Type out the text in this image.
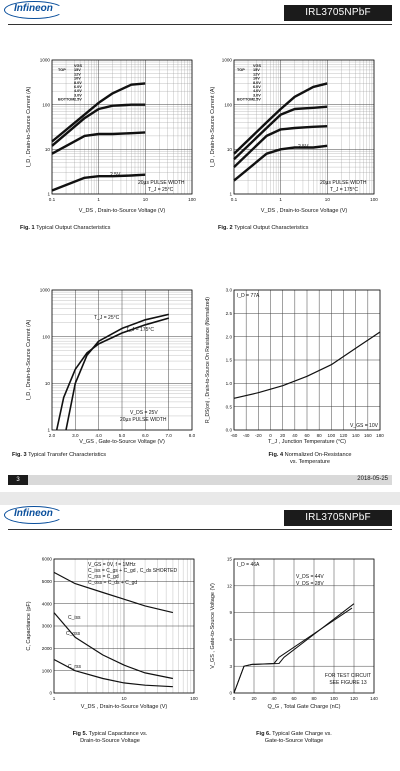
Infineon	IRL3705NPbF
0.1	1	10	100
1
10
100
1000
VGS
TOP 15V
12V
10V
8.0V
6.0V
4.0V
3.0V
BOTTOM 2.5V
20µs PULSE WIDTH
T_J = 25°C
2.5V
V_DS , Drain-to-Source Voltage (V)
I_D , Drain-to-Source Current (A)
Fig. 1 Typical Output Characteristics
0.1	1	10	100
1
10
100
1000
VGS
TOP 15V
12V
10V
8.0V
6.0V
4.0V
3.0V
BOTTOM 2.5V
20µs PULSE WIDTH
T_J = 175°C
2.5V
V_DS , Drain-to-Source Voltage (V)
I_D , Drain-to-Source Current (A)
Fig. 2 Typical Output Characteristics
2.0	3.0	4.0	5.0	6.0	7.0	8.0
1
10
100
1000
T_J = 25°C
T_J = 175°C
V_DS = 25V
20µs PULSE WIDTH
V_GS , Gate-to-Source Voltage (V)
I_D , Drain-to-Source Current (A)
Fig. 3 Typical Transfer Characteristics
-60 -40 -20 0 20 40 60 80 100 120 140 160 180
0.0
0.5
1.0
1.5
2.0
2.5
3.0
I_D = 77A
V_GS = 10V
T_J , Junction Temperature (°C)
R_DS(on) , Drain-to-Source On Resistance (Normalized)
Fig. 4 Normalized On-Resistance
vs. Temperature
3	2018-05-25
Infineon	IRL3705NPbF
1	10	100
0
1000
2000
3000
4000
5000
6000
V_GS = 0V, f = 1MHz
C_iss = C_gs + C_gd , C_ds SHORTED
C_rss = C_gd
C_oss = C_ds + C_gd
C_iss
C_oss
C_rss
V_DS , Drain-to-Source Voltage (V)
C, Capacitance (pF)
Fig 5. Typical Capacitance vs.
Drain-to-Source Voltage
0	20	40	60	80	100	120	140
0
3
6
9
12
15
I_D = 46A
V_DS = 44V
V_DS = 28V
FOR TEST CIRCUIT
SEE FIGURE 13
Q_G , Total Gate Charge (nC)
V_GS , Gate-to-Source Voltage (V)
Fig 6. Typical Gate Charge vs.
Gate-to-Source Voltage
